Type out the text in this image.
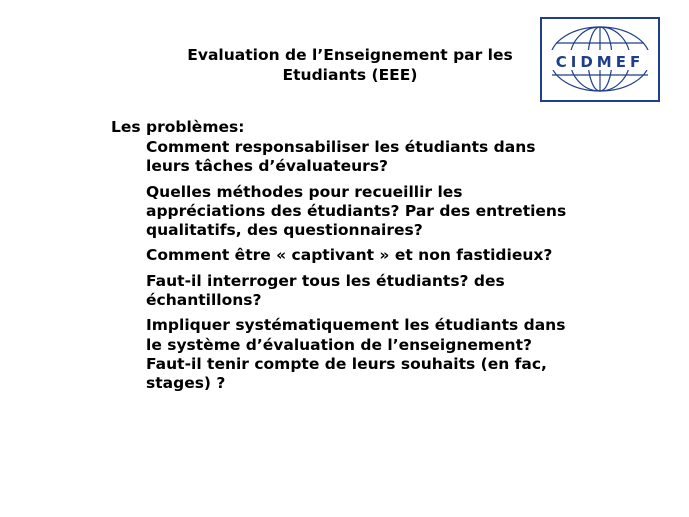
Evaluation de l’Enseignement par les
Etudiants (EEE)
CIDMEF
Les problèmes:
Comment responsabiliser les étudiants dans leurs tâches d’évaluateurs?
Quelles méthodes pour recueillir les appréciations des étudiants? Par des entretiens qualitatifs, des questionnaires?
Comment être « captivant » et non fastidieux?
Faut-il interroger tous les étudiants? des échantillons?
Impliquer systématiquement les étudiants dans le système d’évaluation de l’enseignement? Faut-il tenir compte de leurs souhaits (en fac, stages) ?
